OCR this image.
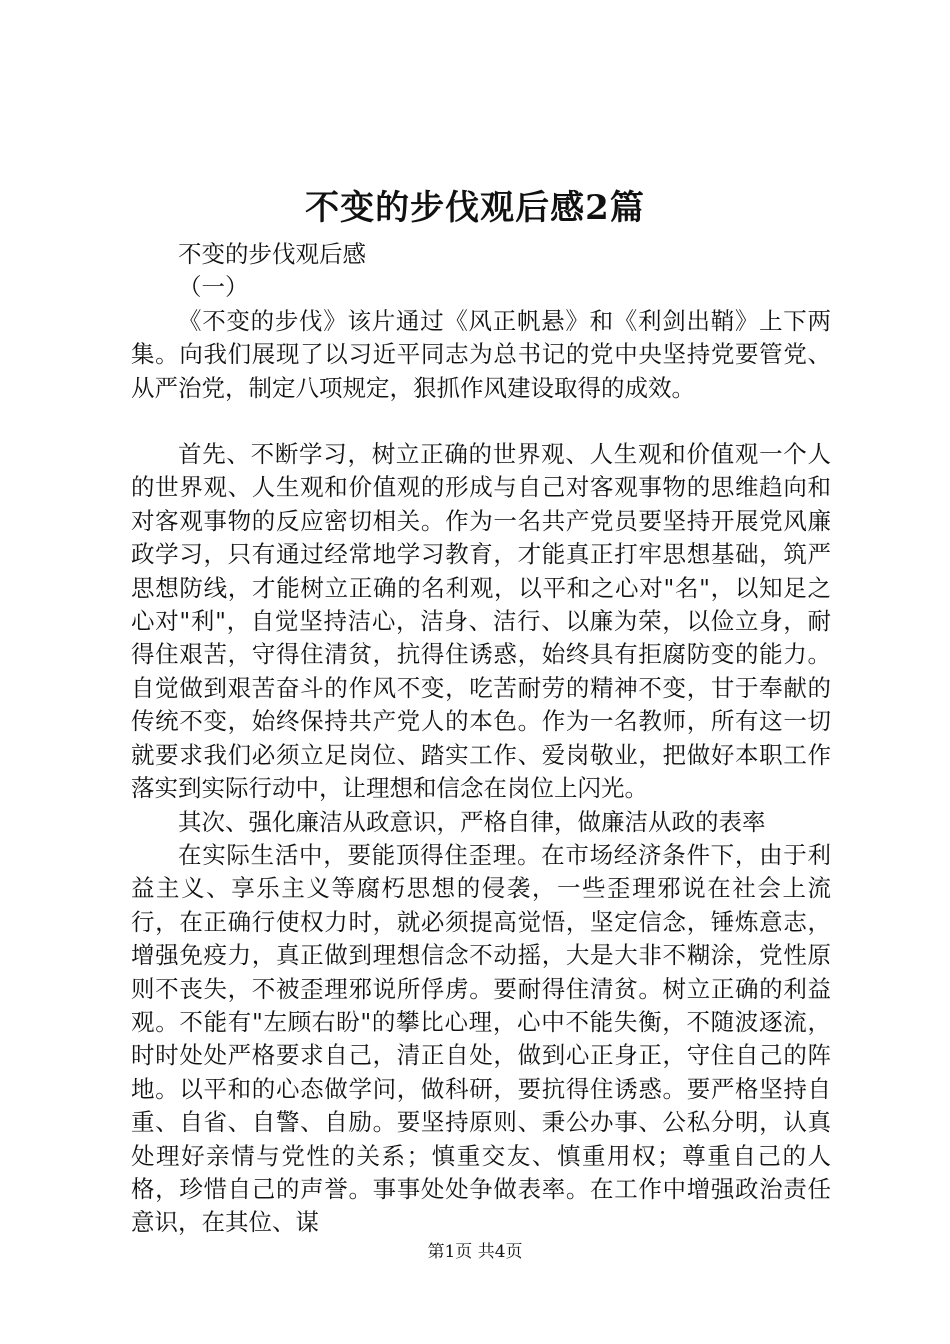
不变的步伐观后感2篇

不变的步伐观后感

（一）

《不变的步伐》该片通过《风正帆悬》和《利剑出鞘》上下两集。向我们展现了以习近平同志为总书记的党中央坚持党要管党、从严治党，制定八项规定，狠抓作风建设取得的成效。

首先、不断学习，树立正确的世界观、人生观和价值观一个人的世界观、人生观和价值观的形成与自己对客观事物的思维趋向和对客观事物的反应密切相关。作为一名共产党员要坚持开展党风廉政学习，只有通过经常地学习教育，才能真正打牢思想基础，筑严思想防线，才能树立正确的名利观，以平和之心对"名"，以知足之心对"利"，自觉坚持洁心，洁身、洁行、以廉为荣，以俭立身，耐得住艰苦，守得住清贫，抗得住诱惑，始终具有拒腐防变的能力。自觉做到艰苦奋斗的作风不变，吃苦耐劳的精神不变，甘于奉献的传统不变，始终保持共产党人的本色。作为一名教师，所有这一切就要求我们必须立足岗位、踏实工作、爱岗敬业，把做好本职工作落实到实际行动中，让理想和信念在岗位上闪光。

其次、强化廉洁从政意识，严格自律，做廉洁从政的表率

在实际生活中，要能顶得住歪理。在市场经济条件下，由于利益主义、享乐主义等腐朽思想的侵袭，一些歪理邪说在社会上流行，在正确行使权力时，就必须提高觉悟，坚定信念，锤炼意志，增强免疫力，真正做到理想信念不动摇，大是大非不糊涂，党性原则不丧失，不被歪理邪说所俘虏。要耐得住清贫。树立正确的利益观。不能有"左顾右盼"的攀比心理，心中不能失衡，不随波逐流，时时处处严格要求自己，清正自处，做到心正身正，守住自己的阵地。以平和的心态做学问，做科研，要抗得住诱惑。要严格坚持自重、自省、自警、自励。要坚持原则、秉公办事、公私分明，认真处理好亲情与党性的关系；慎重交友、慎重用权；尊重自己的人格，珍惜自己的声誉。事事处处争做表率。在工作中增强政治责任意识，在其位、谋

第1页 共4页
